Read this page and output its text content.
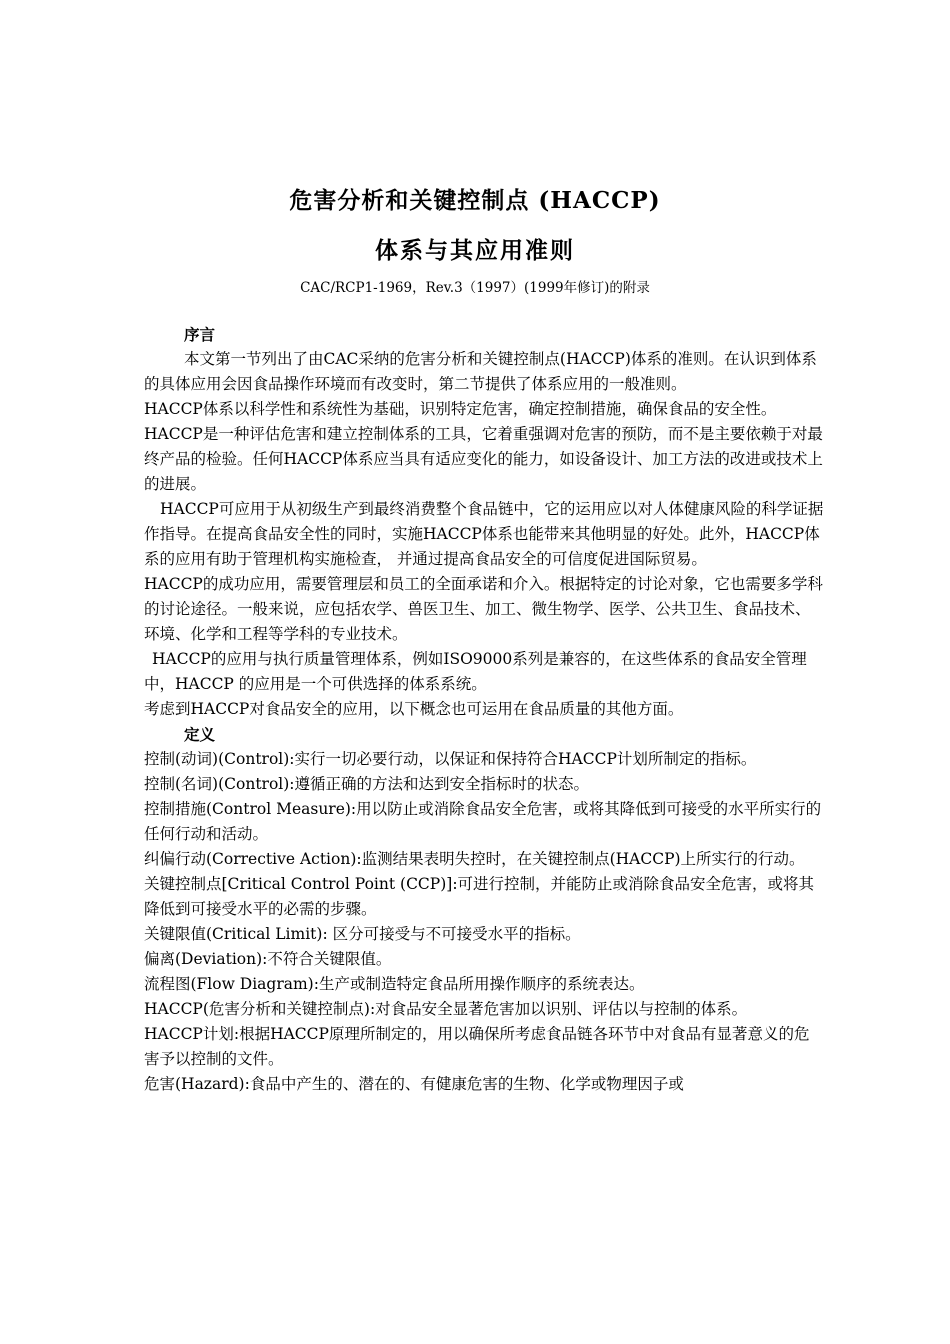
危害分析和关键控制点 (HACCP)
体系与其应用准则
CAC/RCP1-1969，Rev.3（1997）(1999年修订)的附录
序言

本文第一节列出了由CAC采纳的危害分析和关键控制点(HACCP)体系的准则。在认识到体系的具体应用会因食品操作环境而有改变时，第二节提供了体系应用的一般准则。

HACCP体系以科学性和系统性为基础，识别特定危害，确定控制措施，确保食品的安全性。HACCP是一种评估危害和建立控制体系的工具，它着重强调对危害的预防，而不是主要依赖于对最终产品的检验。任何HACCP体系应当具有适应变化的能力，如设备设计、加工方法的改进或技术上的进展。

HACCP可应用于从初级生产到最终消费整个食品链中，它的运用应以对人体健康风险的科学证据作指导。在提高食品安全性的同时，实施HACCP体系也能带来其他明显的好处。此外，HACCP体系的应用有助于管理机构实施检查， 并通过提高食品安全的可信度促进国际贸易。

HACCP的成功应用，需要管理层和员工的全面承诺和介入。根据特定的讨论对象，它也需要多学科的讨论途径。一般来说，应包括农学、兽医卫生、加工、微生物学、医学、公共卫生、食品技术、环境、化学和工程等学科的专业技术。

HACCP的应用与执行质量管理体系，例如ISO9000系列是兼容的，在这些体系的食品安全管理中，HACCP 的应用是一个可供选择的体系系统。

考虑到HACCP对食品安全的应用，以下概念也可运用在食品质量的其他方面。

定义

控制(动词)(Control):实行一切必要行动，以保证和保持符合HACCP计划所制定的指标。

控制(名词)(Control):遵循正确的方法和达到安全指标时的状态。

控制措施(Control Measure):用以防止或消除食品安全危害，或将其降低到可接受的水平所实行的任何行动和活动。

纠偏行动(Corrective Action):监测结果表明失控时，在关键控制点(HACCP)上所实行的行动。

关键控制点[Critical Control Point (CCP)]:可进行控制，并能防止或消除食品安全危害，或将其降低到可接受水平的必需的步骤。

关键限值(Critical Limit): 区分可接受与不可接受水平的指标。

偏离(Deviation):不符合关键限值。

流程图(Flow Diagram):生产或制造特定食品所用操作顺序的系统表达。

HACCP(危害分析和关键控制点):对食品安全显著危害加以识别、评估以与控制的体系。

HACCP计划:根据HACCP原理所制定的，用以确保所考虑食品链各环节中对食品有显著意义的危害予以控制的文件。

危害(Hazard):食品中产生的、潜在的、有健康危害的生物、化学或物理因子或
